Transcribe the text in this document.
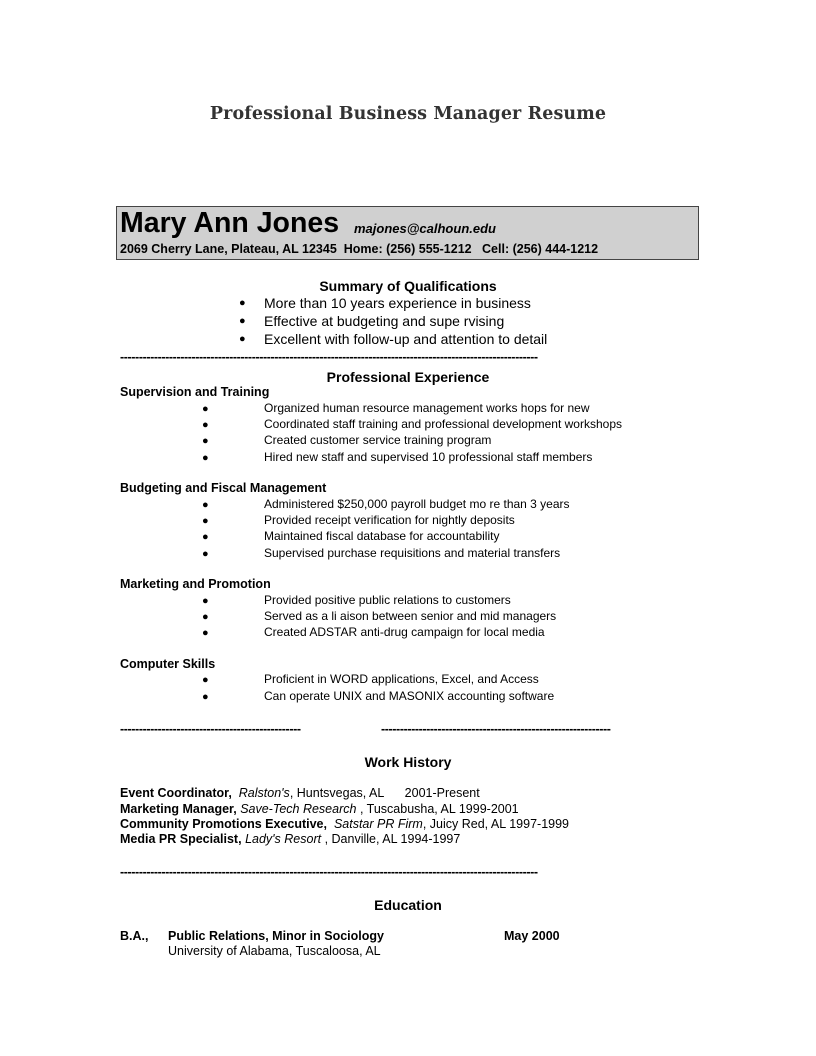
Professional Business Manager Resume
Mary Ann Jones majones@calhoun.edu
2069 Cherry Lane, Plateau, AL 12345 Home: (256) 555-1212 Cell: (256) 444-1212
Summary of Qualifications
● More than 10 years experience in business
● Effective at budgeting and supe rvising
● Excellent with follow-up and attention to detail
---------------------------------------------------------------------------------------------------------------
Professional Experience
Supervision and Training
●	Organized human resource management works hops for new
●	Coordinated staff training and professional development workshops
●	Created customer service training program
●	Hired new staff and supervised 10 professional staff members
Budgeting and Fiscal Management
●	Administered $250,000 payroll budget mo re than 3 years
●	Provided receipt verification for nightly deposits
●	Maintained fiscal database for accountability
●	Supervised purchase requisitions and material transfers
Marketing and Promotion
●	Provided positive public relations to customers
●	Served as a li aison between senior and mid managers
●	Created ADSTAR anti-drug campaign for local media
Computer Skills
●	Proficient in WORD applications, Excel, and Access
●	Can operate UNIX and MASONIX accounting software
------------------------------------------------	-------------------------------------------------------------
Work History
Event Coordinator, Ralston's, Huntsvegas, AL      2001-Present
Marketing Manager, Save-Tech Research , Tuscabusha, AL 1999-2001
Community Promotions Executive, Satstar PR Firm, Juicy Red, AL 1997-1999
Media PR Specialist, Lady's Resort , Danville, AL 1994-1997
---------------------------------------------------------------------------------------------------------------
Education
B.A., Public Relations, Minor in Sociology	May 2000
University of Alabama, Tuscaloosa, AL
